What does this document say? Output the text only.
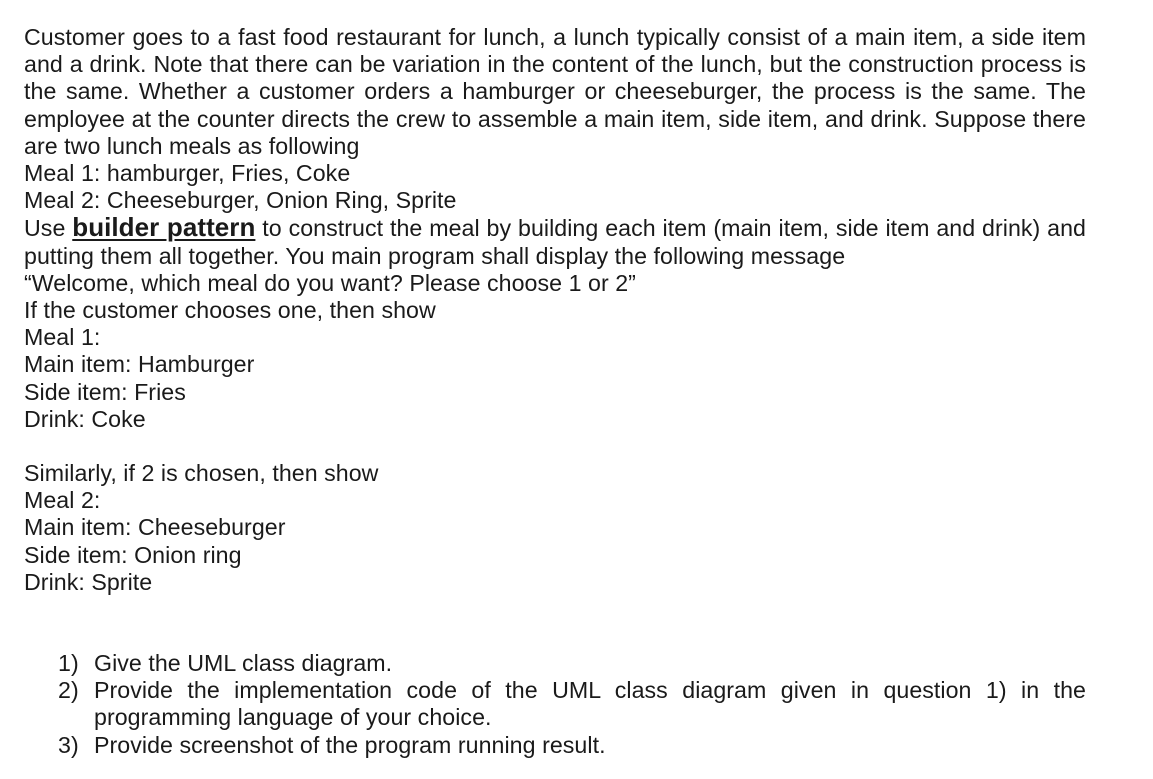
Customer goes to a fast food restaurant for lunch, a lunch typically consist of a main item, a side item and a drink. Note that there can be variation in the content of the lunch, but the construction process is the same. Whether a customer orders a hamburger or cheeseburger, the process is the same. The employee at the counter directs the crew to assemble a main item, side item, and drink. Suppose there are two lunch meals as following

Meal 1: hamburger, Fries, Coke

Meal 2: Cheeseburger, Onion Ring, Sprite

Use builder pattern to construct the meal by building each item (main item, side item and drink) and putting them all together. You main program shall display the following message

“Welcome, which meal do you want? Please choose 1 or 2”

If the customer chooses one, then show

Meal 1:

Main item: Hamburger

Side item: Fries

Drink: Coke

Similarly, if 2 is chosen, then show

Meal 2:

Main item: Cheeseburger

Side item: Onion ring

Drink: Sprite

1) Give the UML class diagram.
2) Provide the implementation code of the UML class diagram given in question 1) in the programming language of your choice.
3) Provide screenshot of the program running result.
